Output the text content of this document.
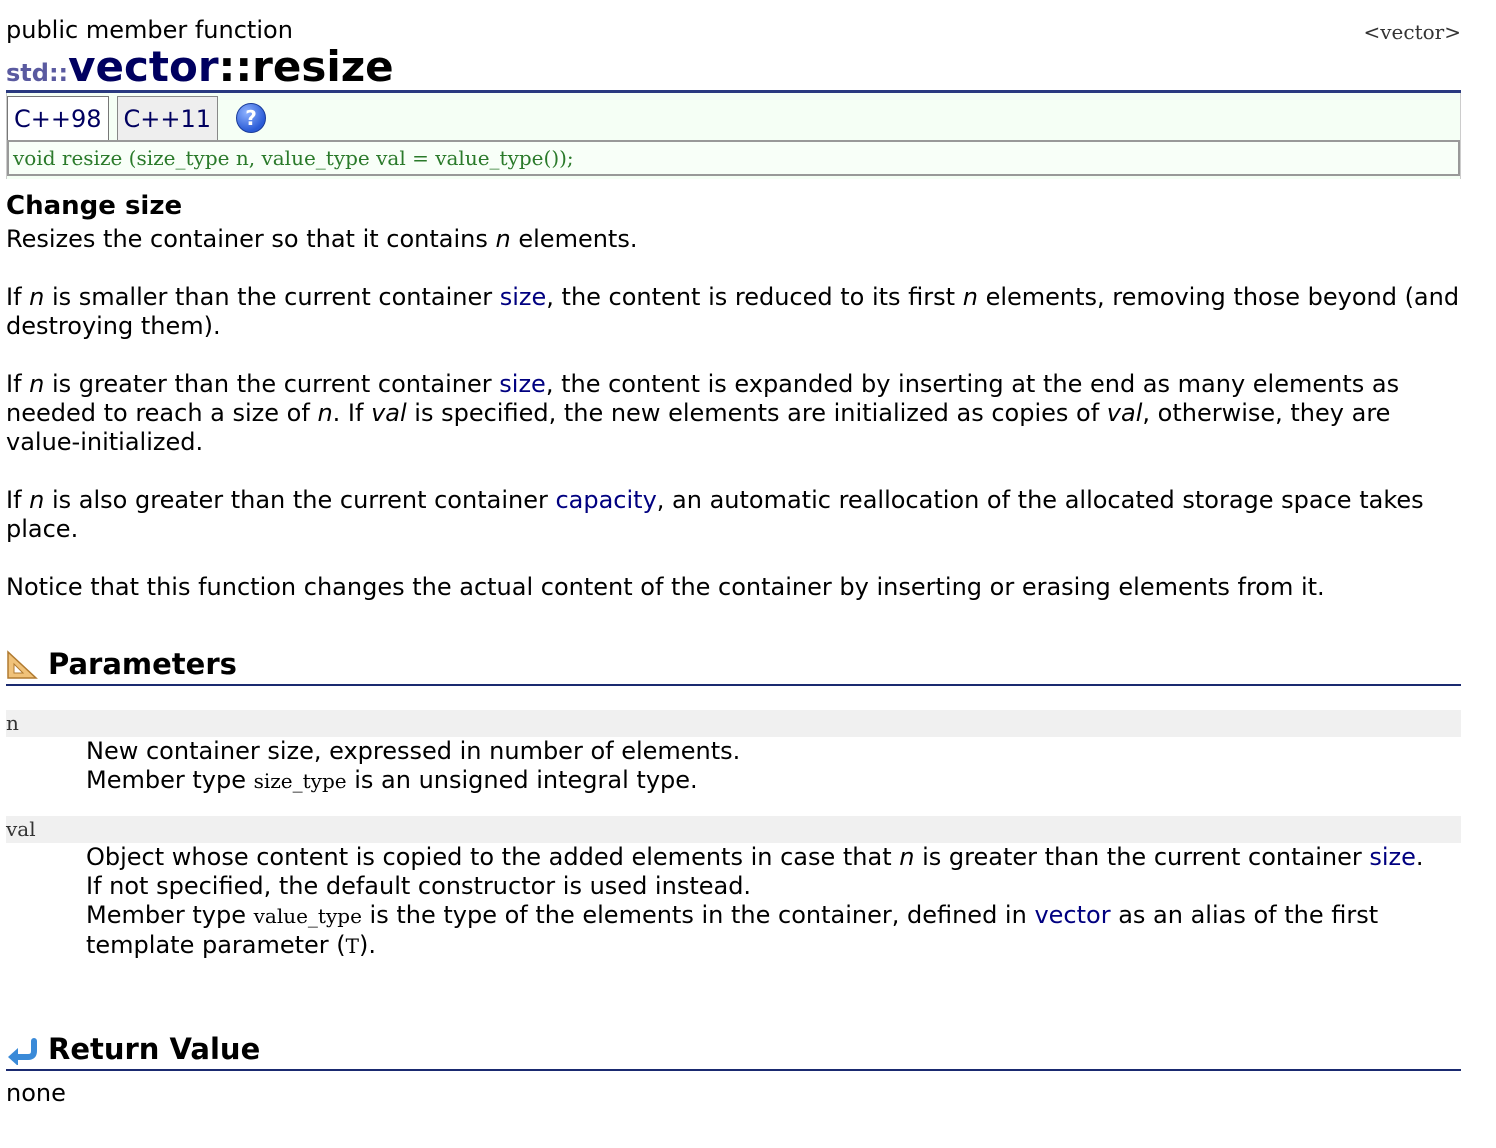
public member function
std::vector::resize
<vector>
C++98 C++11	?
void resize (size_type n, value_type val = value_type());
Change size

Resizes the container so that it contains n elements.

If n is smaller than the current container size, the content is reduced to its first n elements, removing those beyond (and destroying them).

If n is greater than the current container size, the content is expanded by inserting at the end as many elements as needed to reach a size of n. If val is specified, the new elements are initialized as copies of val, otherwise, they are value-initialized.

If n is also greater than the current container capacity, an automatic reallocation of the allocated storage space takes place.

Notice that this function changes the actual content of the container by inserting or erasing elements from it.

Parameters
n
New container size, expressed in number of elements.
Member type size_type is an unsigned integral type.
val
Object whose content is copied to the added elements in case that n is greater than the current container size.
If not specified, the default constructor is used instead.
Member type value_type is the type of the elements in the container, defined in vector as an alias of the first template parameter (T).
Return Value
none
